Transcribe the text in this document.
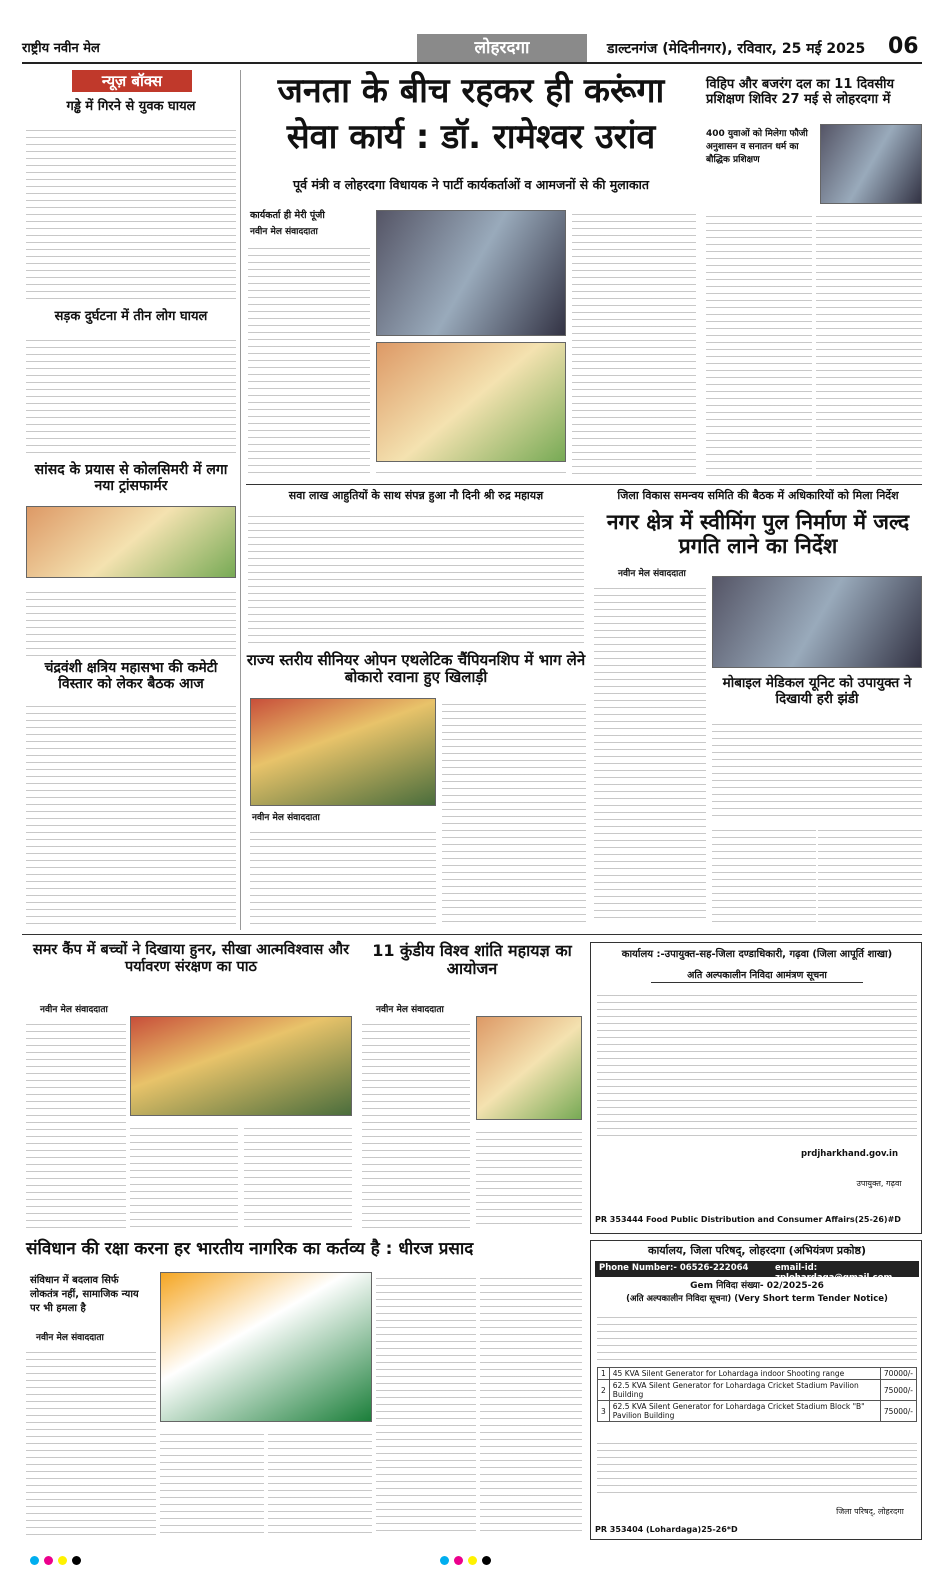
राष्ट्रीय नवीन मेल	लोहरदगा	डाल्टनगंज (मेदिनीनगर), रविवार, 25 मई 2025 06
न्यूज़ बॉक्स
गड्ढे में गिरने से युवक घायल
सड़क दुर्घटना में तीन लोग घायल
सांसद के प्रयास से कोलसिमरी में लगा नया ट्रांसफार्मर
चंद्रवंशी क्षत्रिय महासभा की कमेटी विस्तार को लेकर बैठक आज
जनता के बीच रहकर ही करूंगा
सेवा कार्य : डॉ. रामेश्वर उरांव
पूर्व मंत्री व लोहरदगा विधायक ने पार्टी कार्यकर्ताओं व आमजनों से की मुलाकात
कार्यकर्ता ही मेरी पूंजी
नवीन मेल संवाददाता
विहिप और बजरंग दल का 11 दिवसीय प्रशिक्षण शिविर 27 मई से लोहरदगा में
400 युवाओं को मिलेगा फौजी अनुशासन व सनातन धर्म का बौद्धिक प्रशिक्षण
सवा लाख आहुतियों के साथ संपन्न हुआ नौ दिनी श्री रुद्र महायज्ञ	जिला विकास समन्वय समिति की बैठक में अधिकारियों को मिला निर्देश
नगर क्षेत्र में स्वीमिंग पुल निर्माण में जल्द प्रगति लाने का निर्देश
नवीन मेल संवाददाता
राज्य स्तरीय सीनियर ओपन एथलेटिक चैंपियनशिप में भाग लेने बोकारो रवाना हुए खिलाड़ी
नवीन मेल संवाददाता
मोबाइल मेडिकल यूनिट को उपायुक्त ने दिखायी हरी झंडी
समर कैंप में बच्चों ने दिखाया हुनर, सीखा आत्मविश्वास और पर्यावरण संरक्षण का पाठ
नवीन मेल संवाददाता
11 कुंडीय विश्व शांति महायज्ञ का आयोजन
नवीन मेल संवाददाता
कार्यालय :-उपायुक्त-सह-जिला दण्डाधिकारी, गढ़वा (जिला आपूर्ति शाखा)
अति अल्पकालीन निविदा आमंत्रण सूचना
prdjharkhand.gov.in
उपायुक्त, गढ़वा
PR 353444 Food Public Distribution and Consumer Affairs(25-26)#D
संविधान की रक्षा करना हर भारतीय नागरिक का कर्तव्य है : धीरज प्रसाद
संविधान में बदलाव सिर्फ लोकतंत्र नहीं, सामाजिक न्याय पर भी हमला है
नवीन मेल संवाददाता
कार्यालय, जिला परिषद्, लोहरदगा (अभियंत्रण प्रकोष्ठ)
Phone Number:- 06526-222064	email-id: zplohardaga@gmail.com
Gem निविदा संख्या- 02/2025-26
(अति अल्पकालीन निविदा सूचना) (Very Short term Tender Notice)
1	45 KVA Silent Generator for Lohardaga indoor Shooting range	70000/-
2	62.5 KVA Silent Generator for Lohardaga Cricket Stadium Pavilion Building	75000/-
3	62.5 KVA Silent Generator for Lohardaga Cricket Stadium Block "B" Pavilion Building	75000/-
जिला परिषद्, लोहरदगा
PR 353404 (Lohardaga)25-26*D
